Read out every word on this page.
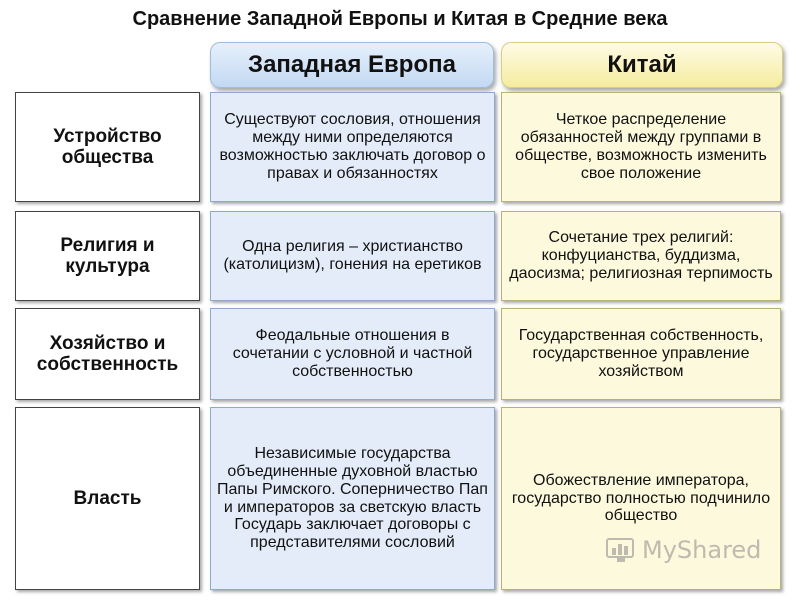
Сравнение Западной Европы и Китая в Средние века
Западная Европа	Китай
Устройство общества
Существуют сословия, отношения между ними определяются возможностью заключать договор о правах и обязанностях
Четкое распределение обязанностей между группами в обществе, возможность изменить свое положение
Религия и культура
Одна религия – христианство (католицизм), гонения на еретиков
Сочетание трех религий: конфуцианства, буддизма, даосизма; религиозная терпимость
Хозяйство и собственность
Феодальные отношения в сочетании с условной и частной собственностью
Государственная собственность, государственное управление хозяйством
Власть
Независимые государства объединенные духовной властью Папы Римского. Соперничество Пап и императоров за светскую власть Государь заключает договоры с представителями сословий
Обожествление императора, государство полностью подчинило общество
MyShared
